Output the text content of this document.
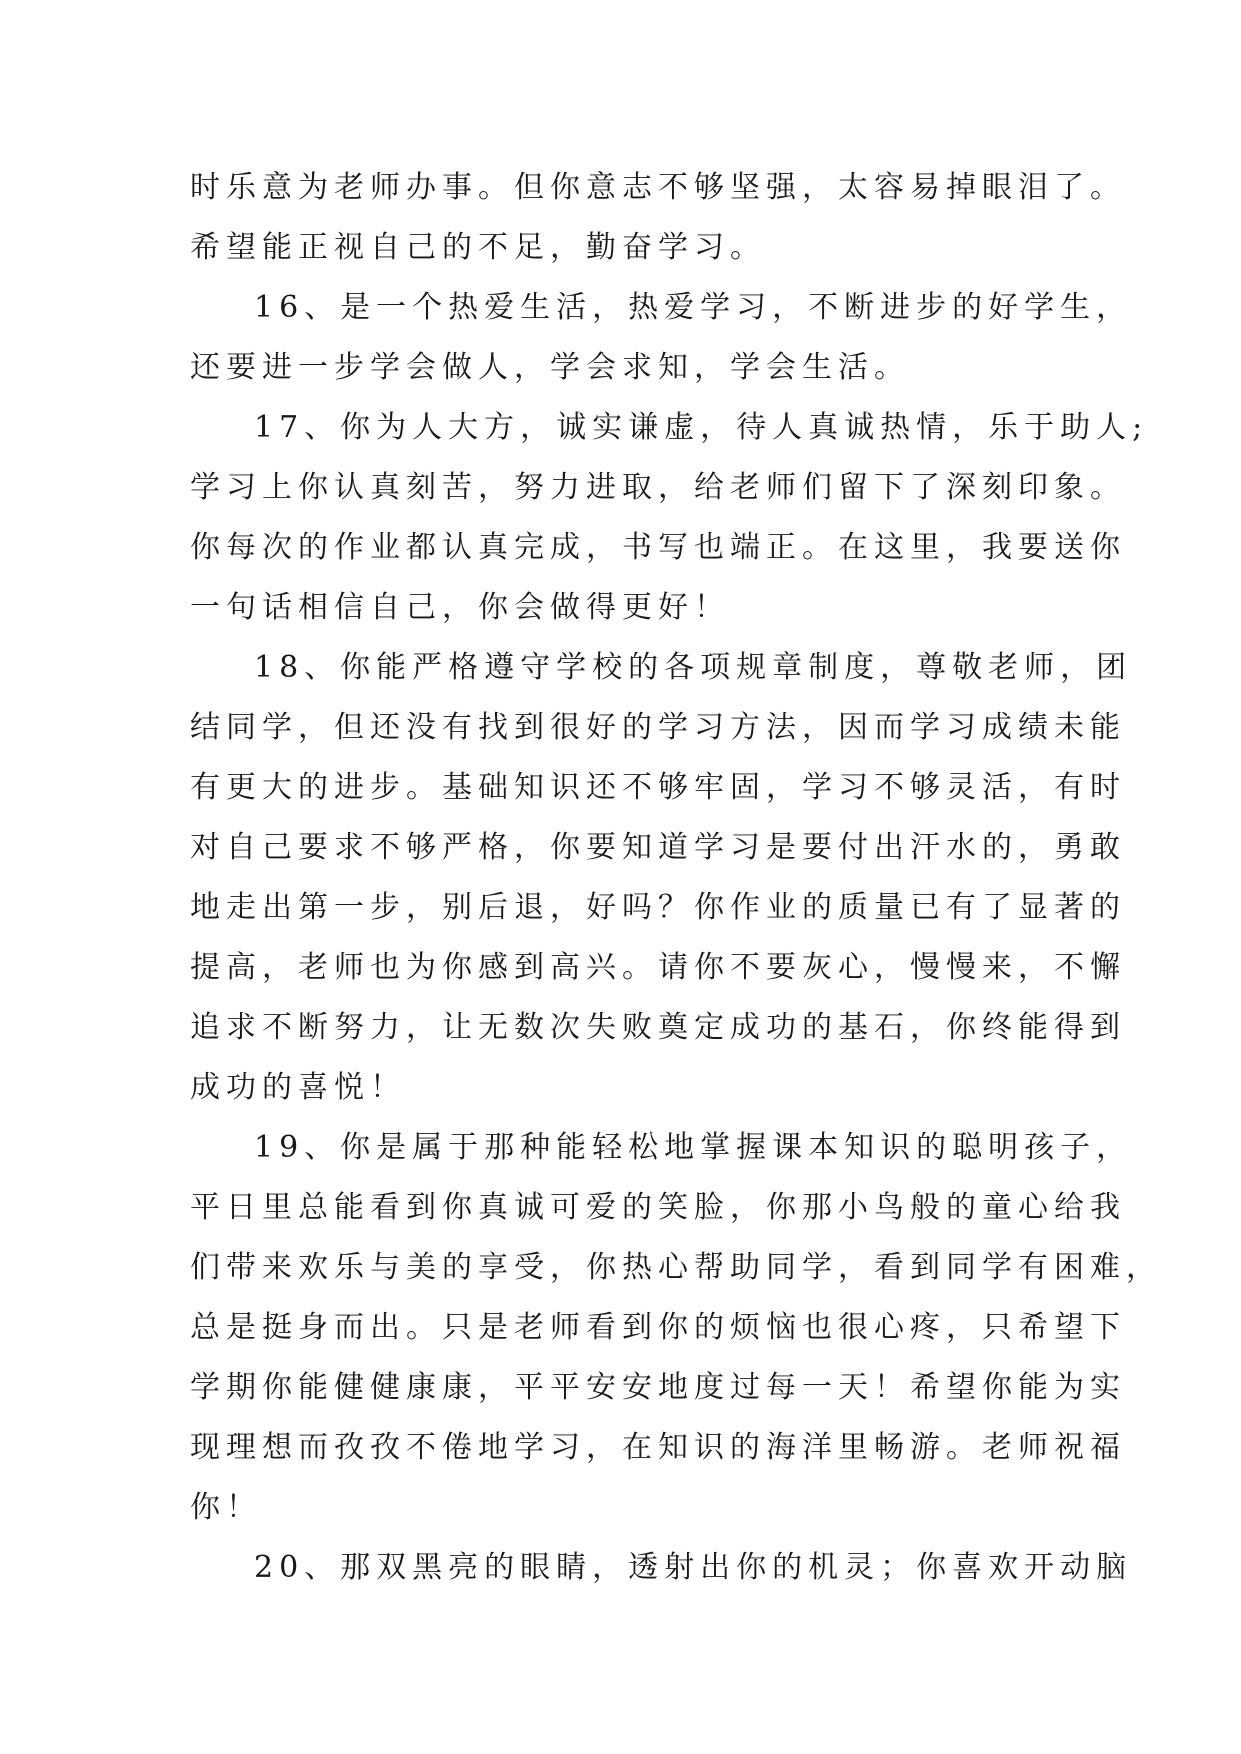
时乐意为老师办事。但你意志不够坚强，太容易掉眼泪了。
希望能正视自己的不足，勤奋学习。
16、是一个热爱生活，热爱学习，不断进步的好学生，
还要进一步学会做人，学会求知，学会生活。
17、你为人大方，诚实谦虚，待人真诚热情，乐于助人;
学习上你认真刻苦，努力进取，给老师们留下了深刻印象。
你每次的作业都认真完成，书写也端正。在这里，我要送你
一句话相信自己，你会做得更好！
18、你能严格遵守学校的各项规章制度，尊敬老师，团
结同学，但还没有找到很好的学习方法，因而学习成绩未能
有更大的进步。基础知识还不够牢固，学习不够灵活，有时
对自己要求不够严格，你要知道学习是要付出汗水的，勇敢
地走出第一步，别后退，好吗？你作业的质量已有了显著的
提高，老师也为你感到高兴。请你不要灰心，慢慢来，不懈
追求不断努力，让无数次失败奠定成功的基石，你终能得到
成功的喜悦！
19、你是属于那种能轻松地掌握课本知识的聪明孩子，
平日里总能看到你真诚可爱的笑脸，你那小鸟般的童心给我
们带来欢乐与美的享受，你热心帮助同学，看到同学有困难，
总是挺身而出。只是老师看到你的烦恼也很心疼，只希望下
学期你能健健康康，平平安安地度过每一天！希望你能为实
现理想而孜孜不倦地学习，在知识的海洋里畅游。老师祝福
你！
20、那双黑亮的眼睛，透射出你的机灵；你喜欢开动脑
